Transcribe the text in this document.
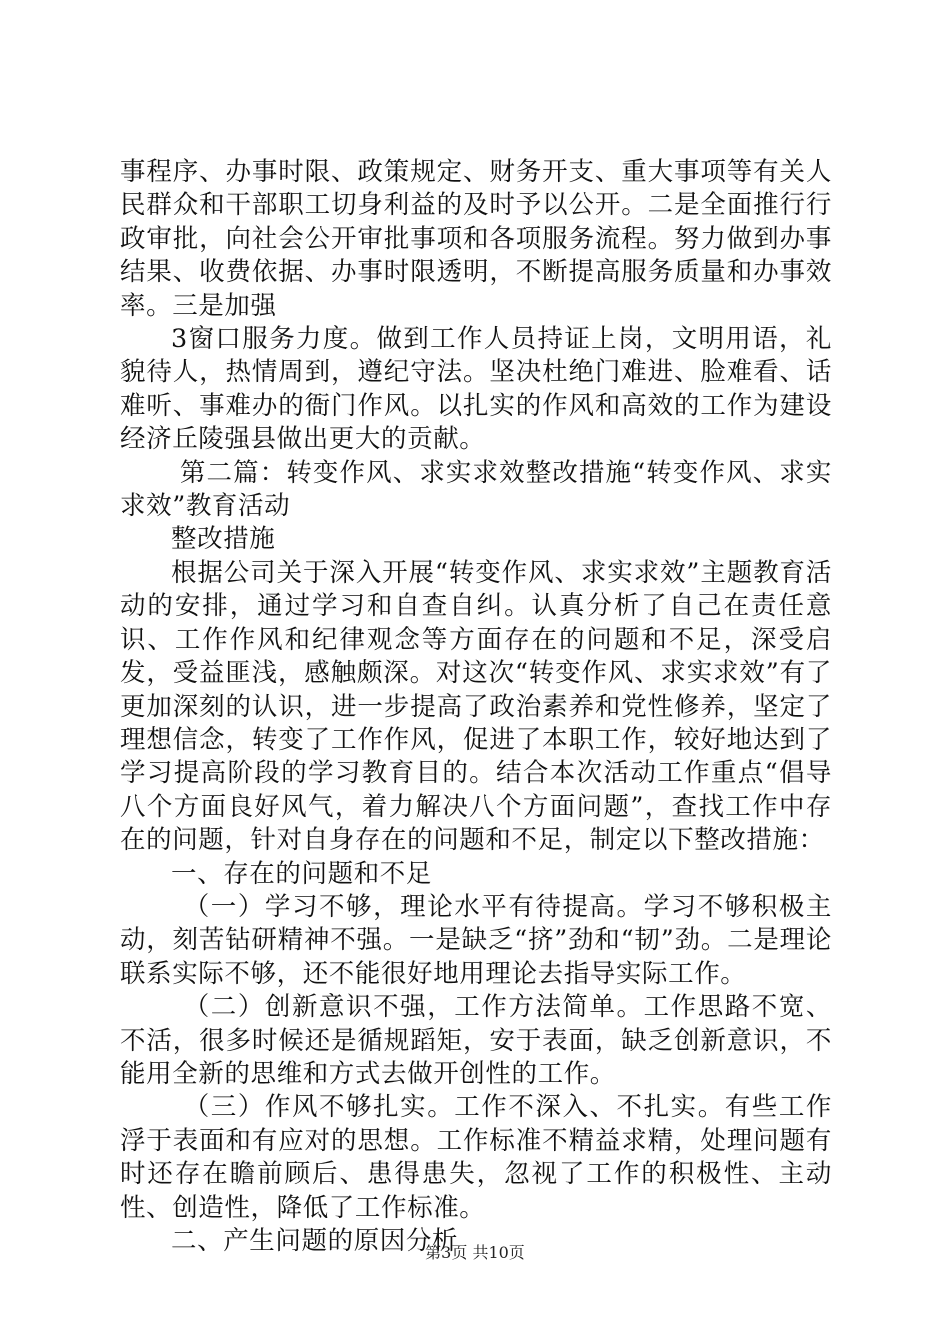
事程序、办事时限、政策规定、财务开支、重大事项等有关人民群众和干部职工切身利益的及时予以公开。二是全面推行行政审批，向社会公开审批事项和各项服务流程。努力做到办事结果、收费依据、办事时限透明，不断提高服务质量和办事效率。三是加强

3窗口服务力度。做到工作人员持证上岗，文明用语，礼貌待人，热情周到，遵纪守法。坚决杜绝门难进、脸难看、话难听、事难办的衙门作风。以扎实的作风和高效的工作为建设经济丘陵强县做出更大的贡献。

第二篇：转变作风、求实求效整改措施“转变作风、求实求效”教育活动

整改措施

根据公司关于深入开展“转变作风、求实求效”主题教育活动的安排，通过学习和自查自纠。认真分析了自己在责任意识、工作作风和纪律观念等方面存在的问题和不足，深受启发，受益匪浅，感触颇深。对这次“转变作风、求实求效”有了更加深刻的认识，进一步提高了政治素养和党性修养，坚定了理想信念，转变了工作作风，促进了本职工作，较好地达到了学习提高阶段的学习教育目的。结合本次活动工作重点“倡导八个方面良好风气，着力解决八个方面问题”，查找工作中存在的问题，针对自身存在的问题和不足，制定以下整改措施：

一、存在的问题和不足

（一）学习不够，理论水平有待提高。学习不够积极主动，刻苦钻研精神不强。一是缺乏“挤”劲和“韧”劲。二是理论联系实际不够，还不能很好地用理论去指导实际工作。

（二）创新意识不强，工作方法简单。工作思路不宽、不活，很多时候还是循规蹈矩，安于表面，缺乏创新意识，不能用全新的思维和方式去做开创性的工作。

（三）作风不够扎实。工作不深入、不扎实。有些工作浮于表面和有应对的思想。工作标准不精益求精，处理问题有时还存在瞻前顾后、患得患失，忽视了工作的积极性、主动性、创造性，降低了工作标准。

二、产生问题的原因分析

第3页 共10页
